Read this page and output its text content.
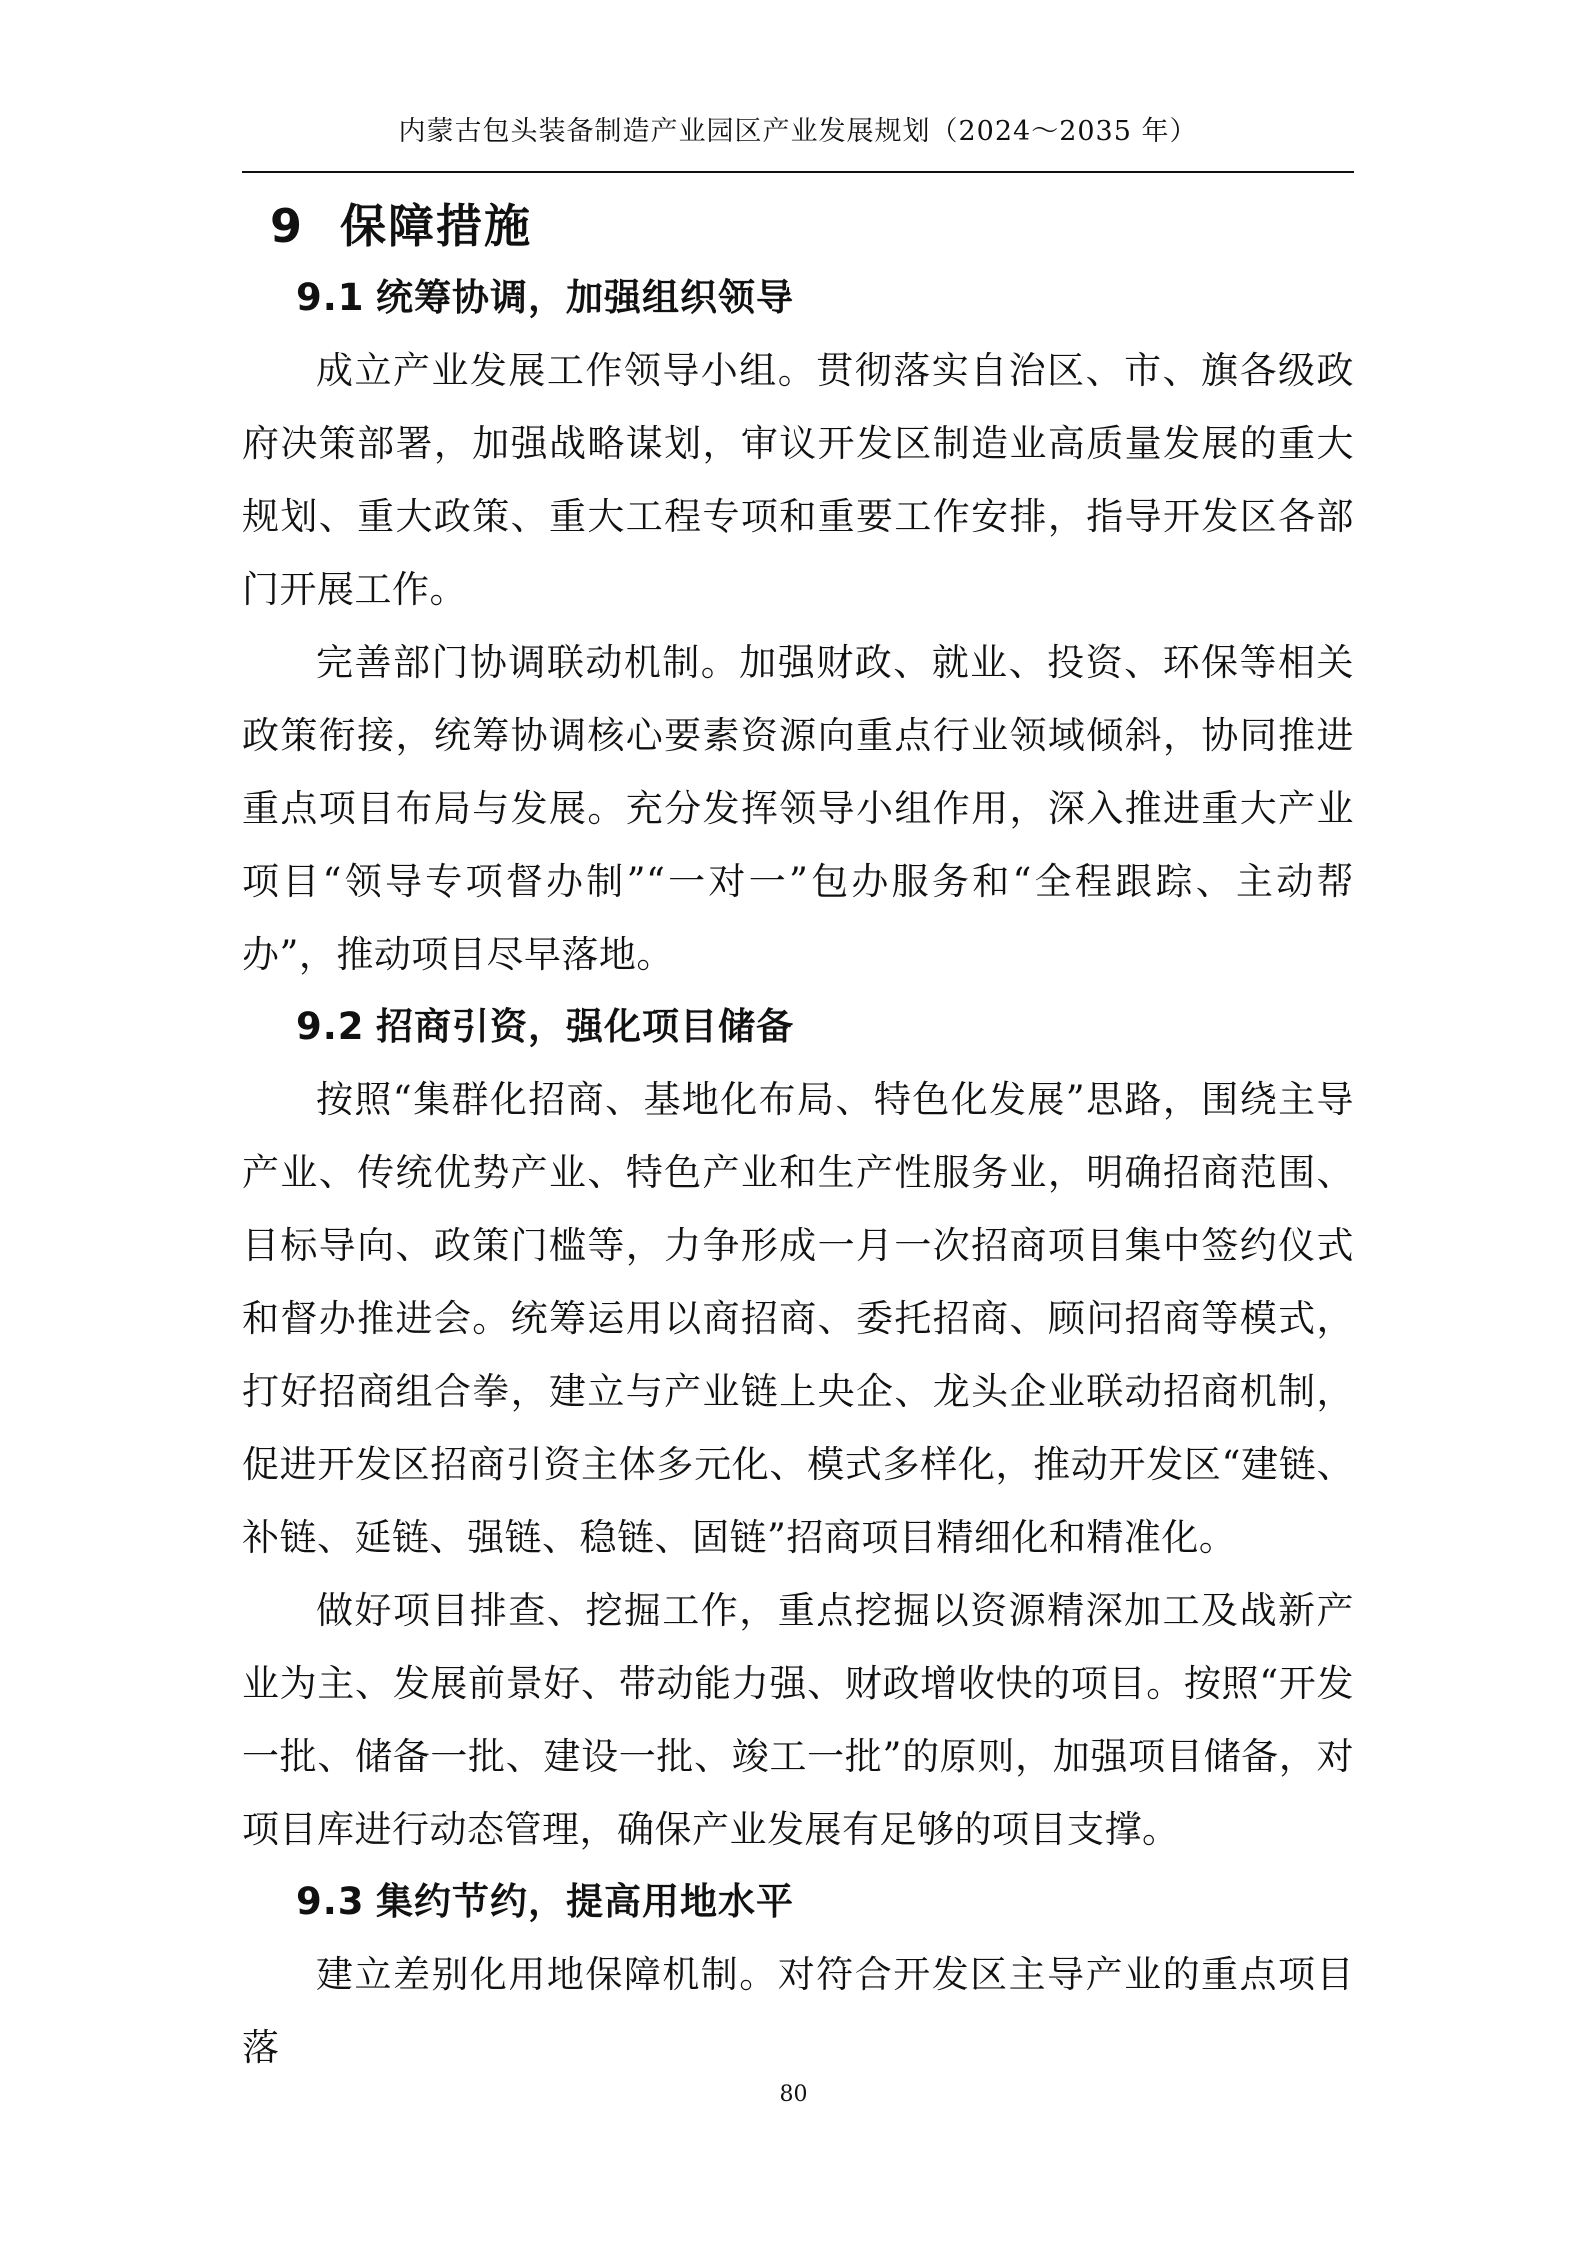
内蒙古包头装备制造产业园区产业发展规划（2024～2035 年）
9 保障措施
9.1 统筹协调，加强组织领导

成立产业发展工作领导小组。贯彻落实自治区、市、旗各级政府决策部署，加强战略谋划，审议开发区制造业高质量发展的重大规划、重大政策、重大工程专项和重要工作安排，指导开发区各部门开展工作。

完善部门协调联动机制。加强财政、就业、投资、环保等相关政策衔接，统筹协调核心要素资源向重点行业领域倾斜，协同推进重点项目布局与发展。充分发挥领导小组作用，深入推进重大产业项目“领导专项督办制”“一对一”包办服务和“全程跟踪、主动帮办”，推动项目尽早落地。

9.2 招商引资，强化项目储备

按照“集群化招商、基地化布局、特色化发展”思路，围绕主导产业、传统优势产业、特色产业和生产性服务业，明确招商范围、目标导向、政策门槛等，力争形成一月一次招商项目集中签约仪式和督办推进会。统筹运用以商招商、委托招商、顾问招商等模式，打好招商组合拳，建立与产业链上央企、龙头企业联动招商机制，促进开发区招商引资主体多元化、模式多样化，推动开发区“建链、补链、延链、强链、稳链、固链”招商项目精细化和精准化。

做好项目排查、挖掘工作，重点挖掘以资源精深加工及战新产业为主、发展前景好、带动能力强、财政增收快的项目。按照“开发一批、储备一批、建设一批、竣工一批”的原则，加强项目储备，对项目库进行动态管理，确保产业发展有足够的项目支撑。

9.3 集约节约，提高用地水平

建立差别化用地保障机制。对符合开发区主导产业的重点项目落

80
